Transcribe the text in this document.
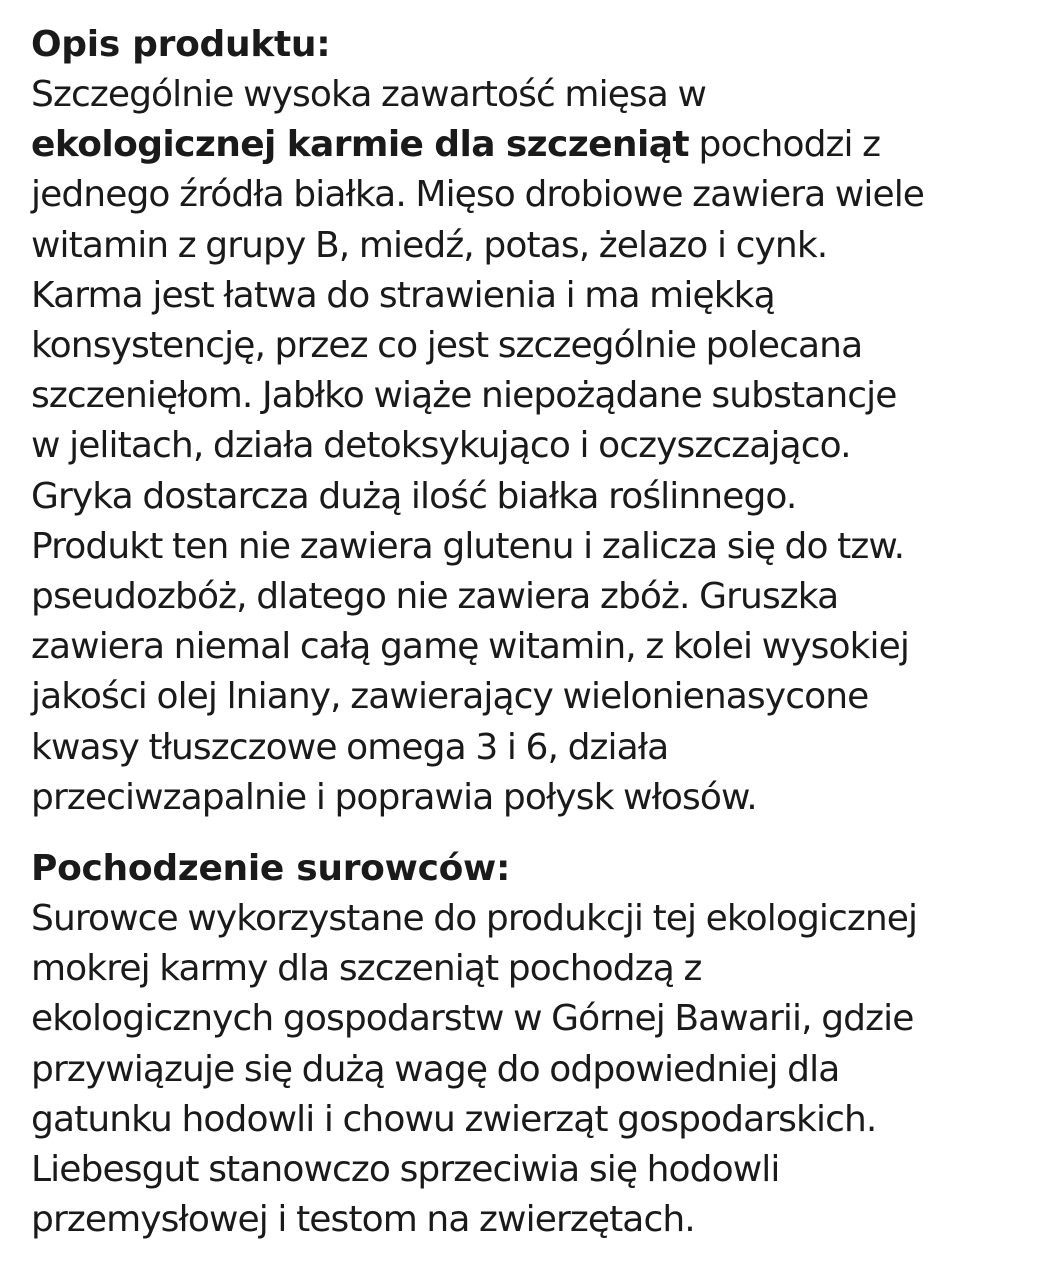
Opis produktu:

Szczególnie wysoka zawartość mięsa w

ekologicznej karmie dla szczeniąt pochodzi z

jednego źródła białka. Mięso drobiowe zawiera wiele

witamin z grupy B, miedź, potas, żelazo i cynk.

Karma jest łatwa do strawienia i ma miękką

konsystencję, przez co jest szczególnie polecana

szczenięłom. Jabłko wiąże niepożądane substancje

w jelitach, działa detoksykująco i oczyszczająco.

Gryka dostarcza dużą ilość białka roślinnego.

Produkt ten nie zawiera glutenu i zalicza się do tzw.

pseudozbóż, dlatego nie zawiera zbóż. Gruszka

zawiera niemal całą gamę witamin, z kolei wysokiej

jakości olej lniany, zawierający wielonienasycone

kwasy tłuszczowe omega 3 i 6, działa

przeciwzapalnie i poprawia połysk włosów.

Pochodzenie surowców:

Surowce wykorzystane do produkcji tej ekologicznej

mokrej karmy dla szczeniąt pochodzą z

ekologicznych gospodarstw w Górnej Bawarii, gdzie

przywiązuje się dużą wagę do odpowiedniej dla

gatunku hodowli i chowu zwierząt gospodarskich.

Liebesgut stanowczo sprzeciwia się hodowli

przemysłowej i testom na zwierzętach.
